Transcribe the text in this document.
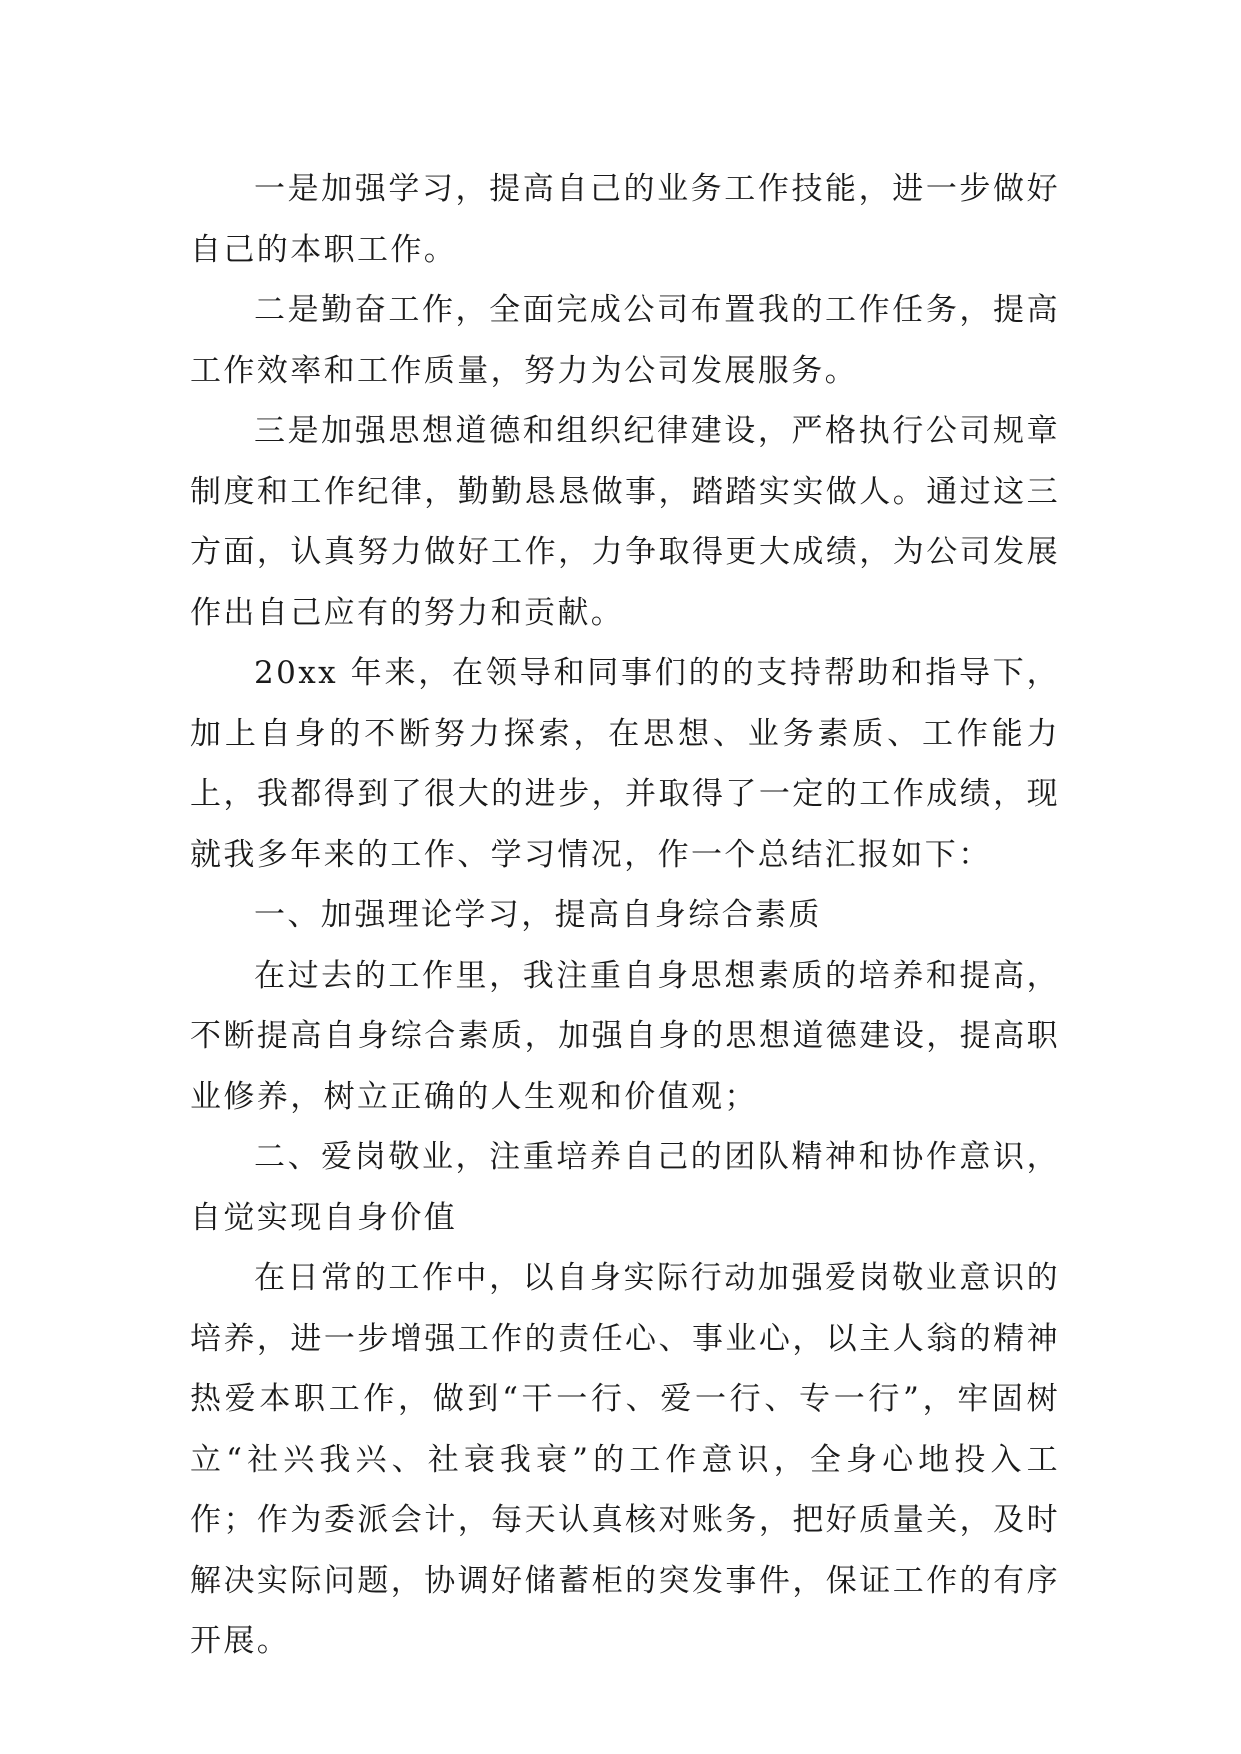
一是加强学习，提高自己的业务工作技能，进一步做好自己的本职工作。

二是勤奋工作，全面完成公司布置我的工作任务，提高工作效率和工作质量，努力为公司发展服务。

三是加强思想道德和组织纪律建设，严格执行公司规章制度和工作纪律，勤勤恳恳做事，踏踏实实做人。通过这三方面，认真努力做好工作，力争取得更大成绩，为公司发展作出自己应有的努力和贡献。

20xx 年来，在领导和同事们的的支持帮助和指导下，加上自身的不断努力探索，在思想、业务素质、工作能力上，我都得到了很大的进步，并取得了一定的工作成绩，现就我多年来的工作、学习情况，作一个总结汇报如下：

一、加强理论学习，提高自身综合素质

在过去的工作里，我注重自身思想素质的培养和提高，不断提高自身综合素质，加强自身的思想道德建设，提高职业修养，树立正确的人生观和价值观；

二、爱岗敬业，注重培养自己的团队精神和协作意识，自觉实现自身价值

在日常的工作中，以自身实际行动加强爱岗敬业意识的培养，进一步增强工作的责任心、事业心，以主人翁的精神热爱本职工作，做到“干一行、爱一行、专一行”，牢固树立“社兴我兴、社衰我衰”的工作意识，全身心地投入工作；作为委派会计，每天认真核对账务，把好质量关，及时解决实际问题，协调好储蓄柜的突发事件，保证工作的有序开展。
